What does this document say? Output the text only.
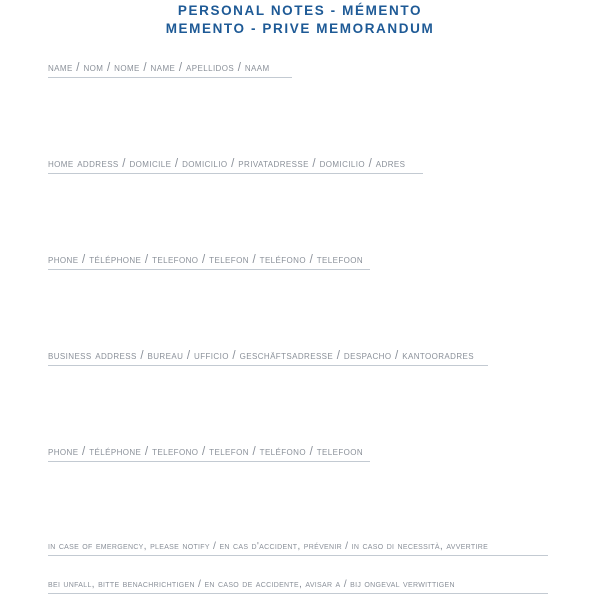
PERSONAL NOTES - MÉMENTO
MEMENTO - PRIVE MEMORANDUM
name / nom / nome / name / apellidos / naam
home address / domicile / domicilio / privatadresse / domicilio / adres
phone / téléphone / telefono / telefon / teléfono / telefoon
business address / bureau / ufficio / geschäftsadresse / despacho / kantooradres
phone / téléphone / telefono / telefon / teléfono / telefoon
in case of emergency, please notify / en cas d'accident, prévenir / in caso di necessità, avvertire
bei unfall, bitte benachrichtigen / en caso de accidente, avisar a / bij ongeval verwittigen
